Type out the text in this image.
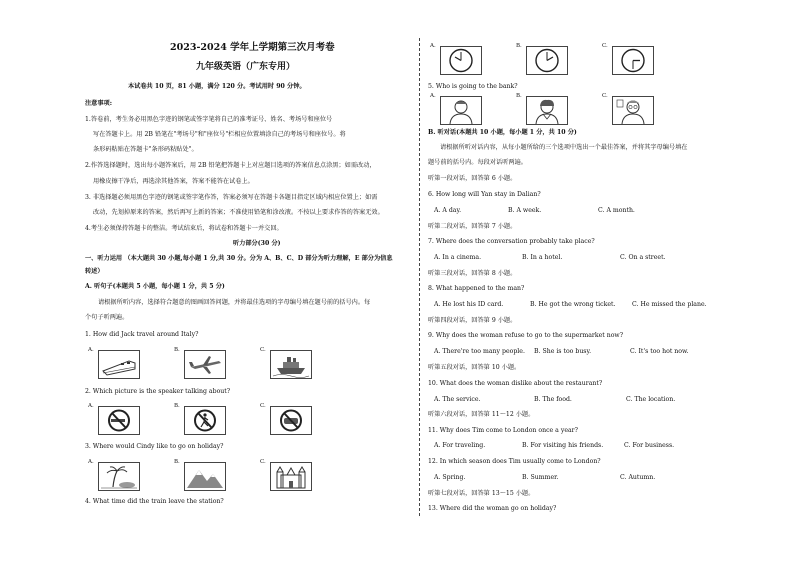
2023-2024 学年上学期第三次月考卷
九年级英语（广东专用）
本试卷共 10 页，81 小题，满分 120 分。考试用时 90 分钟。
注意事项:
1.答卷前，考生务必用黑色字迹的钢笔或签字笔将自己的准考证号、姓名、考场号和座位号
写在答题卡上。用 2B 铅笔在"考场号"和"座位号"栏相应位置填涂自己的考场号和座位号。将
条形码粘贴在答题卡"条形码粘贴处"。
2.作答选择题时，选出每小题答案后，用 2B 铅笔把答题卡上对应题目选项的答案信息点涂黑；如需改动，
用橡皮擦干净后，再选涂其他答案，答案不能答在试卷上。
3. 非选择题必须用黑色字迹的钢笔或签字笔作答，答案必须写在答题卡各题目指定区域内相应位置上；如需
改动，先划掉原来的答案，然后再写上新的答案；不准使用铅笔和涂改液。不按以上要求作答的答案无效。
4.考生必须保持答题卡的整洁。考试结束后，将试卷和答题卡一并交回。
听力部分(30 分)
一、听力运用 （本大题共 30 小题,每小题 1 分,共 30 分。分为 A、B、C、D 部分为听力理解，E 部分为信息
转述）
A. 听句子(本题共 5 小题，每小题 1 分，共 5 分)
请根据所听内容，选择符合题意的图画回答问题，并将最佳选项的字母编号填在题号前的括号内。每
个句子听两遍。
1. How did Jack travel around Italy?
A.	B.	C.
2. Which picture is the speaker talking about?
A.	B.	C.
3. Where would Cindy like to go on holiday?
A.	B.	C.
4. What time did the train leave the station?
A.	B.	C.
5. Who is going to the bank?
A.	B.	C.
B. 听对话(本题共 10 小题，每小题 1 分，共 10 分)
请根据所听对话内容，从每小题所给的三个选项中选出一个最佳答案，并将其字母编号填在
题号前的括号内。每段对话听两遍。
听第一段对话，回答第 6 小题。
6. How long will Yan stay in Dalian?
A. A day.	B. A week.	C. A month.
听第二段对话，回答第 7 小题。
7. Where does the conversation probably take place?
A. In a cinema.	B. In a hotel.	C. On a street.
听第三段对话，回答第 8 小题。
8. What happened to the man?
A. He lost his ID card.	B. He got the wrong ticket.	C. He missed the plane.
听第四段对话，回答第 9 小题。
9. Why does the woman refuse to go to the supermarket now?
A. There're too many people. B. She is too busy.	C. It's too hot now.
听第五段对话，回答第 10 小题。
10. What does the woman dislike about the restaurant?
A. The service.	B. The food.	C. The location.
听第六段对话，回答第 11～12 小题。
11. Why does Tim come to London once a year?
A. For traveling.	B. For visiting his friends.	C. For business.
12. In which season does Tim usually come to London?
A. Spring.	B. Summer.	C. Autumn.
听第七段对话，回答第 13～15 小题。
13. Where did the woman go on holiday?
